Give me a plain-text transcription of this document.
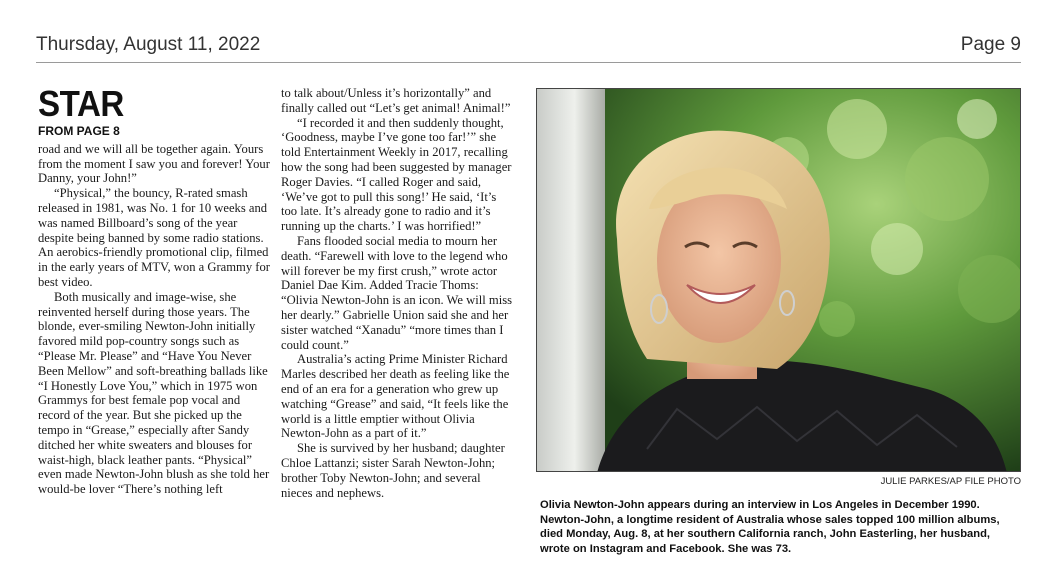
Thursday, August 11, 2022	Page 9
STAR
FROM PAGE 8

road and we will all be together again. Yours from the moment I saw you and forever! Your Danny, your John!”

“Physical,” the bouncy, R-rated smash released in 1981, was No. 1 for 10 weeks and was named Billboard’s song of the year despite being banned by some radio stations. An aerobics-friendly promotional clip, filmed in the early years of MTV, won a Grammy for best video.

Both musically and image-wise, she reinvented herself during those years. The blonde, ever-smiling Newton-John initially favored mild pop-country songs such as “Please Mr. Please” and “Have You Never Been Mellow” and soft-breathing ballads like “I Honestly Love You,” which in 1975 won Grammys for best female pop vocal and record of the year. But she picked up the tempo in “Grease,” especially after Sandy ditched her white sweaters and blouses for waist-high, black leather pants. “Physical” even made Newton-John blush as she told her would-be lover “There’s nothing left

to talk about/Unless it’s horizontally” and finally called out “Let’s get animal! Animal!”

“I recorded it and then suddenly thought, ‘Goodness, maybe I’ve gone too far!’” she told Entertainment Weekly in 2017, recalling how the song had been suggested by manager Roger Davies. “I called Roger and said, ‘We’ve got to pull this song!’ He said, ‘It’s too late. It’s already gone to radio and it’s running up the charts.’ I was horrified!”

Fans flooded social media to mourn her death. “Farewell with love to the legend who will forever be my first crush,” wrote actor Daniel Dae Kim. Added Tracie Thoms: “Olivia Newton-John is an icon. We will miss her dearly.” Gabrielle Union said she and her sister watched “Xanadu” “more times than I could count.”

Australia’s acting Prime Minister Richard Marles described her death as feeling like the end of an era for a generation who grew up watching “Grease” and said, “It feels like the world is a little emptier without Olivia Newton-John as a part of it.”

She is survived by her husband; daughter Chloe Lattanzi; sister Sarah Newton-John; brother Toby Newton-John; and several nieces and nephews.

JULIE PARKES/AP FILE PHOTO
Olivia Newton-John appears during an interview in Los Angeles in December 1990. Newton-John, a longtime resident of Australia whose sales topped 100 million albums, died Monday, Aug. 8, at her southern California ranch, John Easterling, her husband, wrote on Instagram and Facebook. She was 73.
